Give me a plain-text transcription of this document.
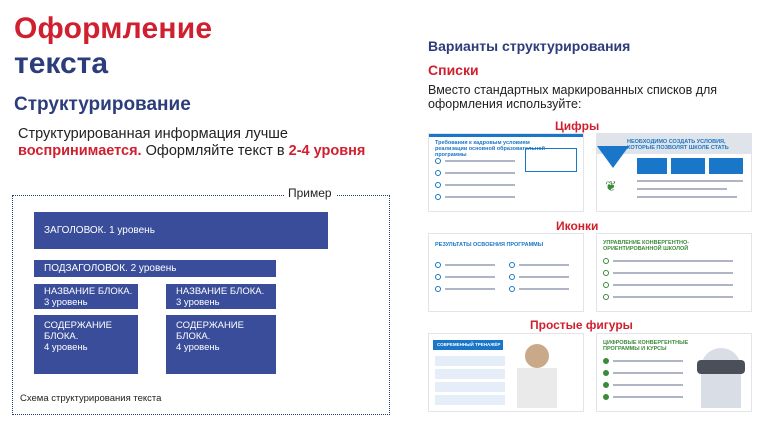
Оформление
текста
Структурирование
Структурированная информация лучше
воспринимается. Оформляйте текст в 2-4 уровня
Пример
ЗАГОЛОВОК. 1 уровень
ПОДЗАГОЛОВОК. 2 уровень
НАЗВАНИЕ БЛОКА.
3 уровень
НАЗВАНИЕ БЛОКА.
3 уровень
СОДЕРЖАНИЕ БЛОКА.
4 уровень
СОДЕРЖАНИЕ БЛОКА.
4 уровень
Схема структурирования текста
Варианты структурирования
Списки
Вместо стандартных маркированных списков для оформления используйте:
Цифры
Иконки
Простые фигуры
Требования к кадровым условиям реализации основной образовательной программы
НЕОБХОДИМО СОЗДАТЬ УСЛОВИЯ, КОТОРЫЕ ПОЗВОЛЯТ ШКОЛЕ СТАТЬ
❦
РЕЗУЛЬТАТЫ ОСВОЕНИЯ ПРОГРАММЫ	УПРАВЛЕНИЕ КОНВЕРГЕНТНО-ОРИЕНТИРОВАННОЙ ШКОЛОЙ
СОВРЕМЕННЫЙ ТРЕНАЖЁР	ЦИФРОВЫЕ КОНВЕРГЕНТНЫЕ ПРОГРАММЫ И КУРСЫ
